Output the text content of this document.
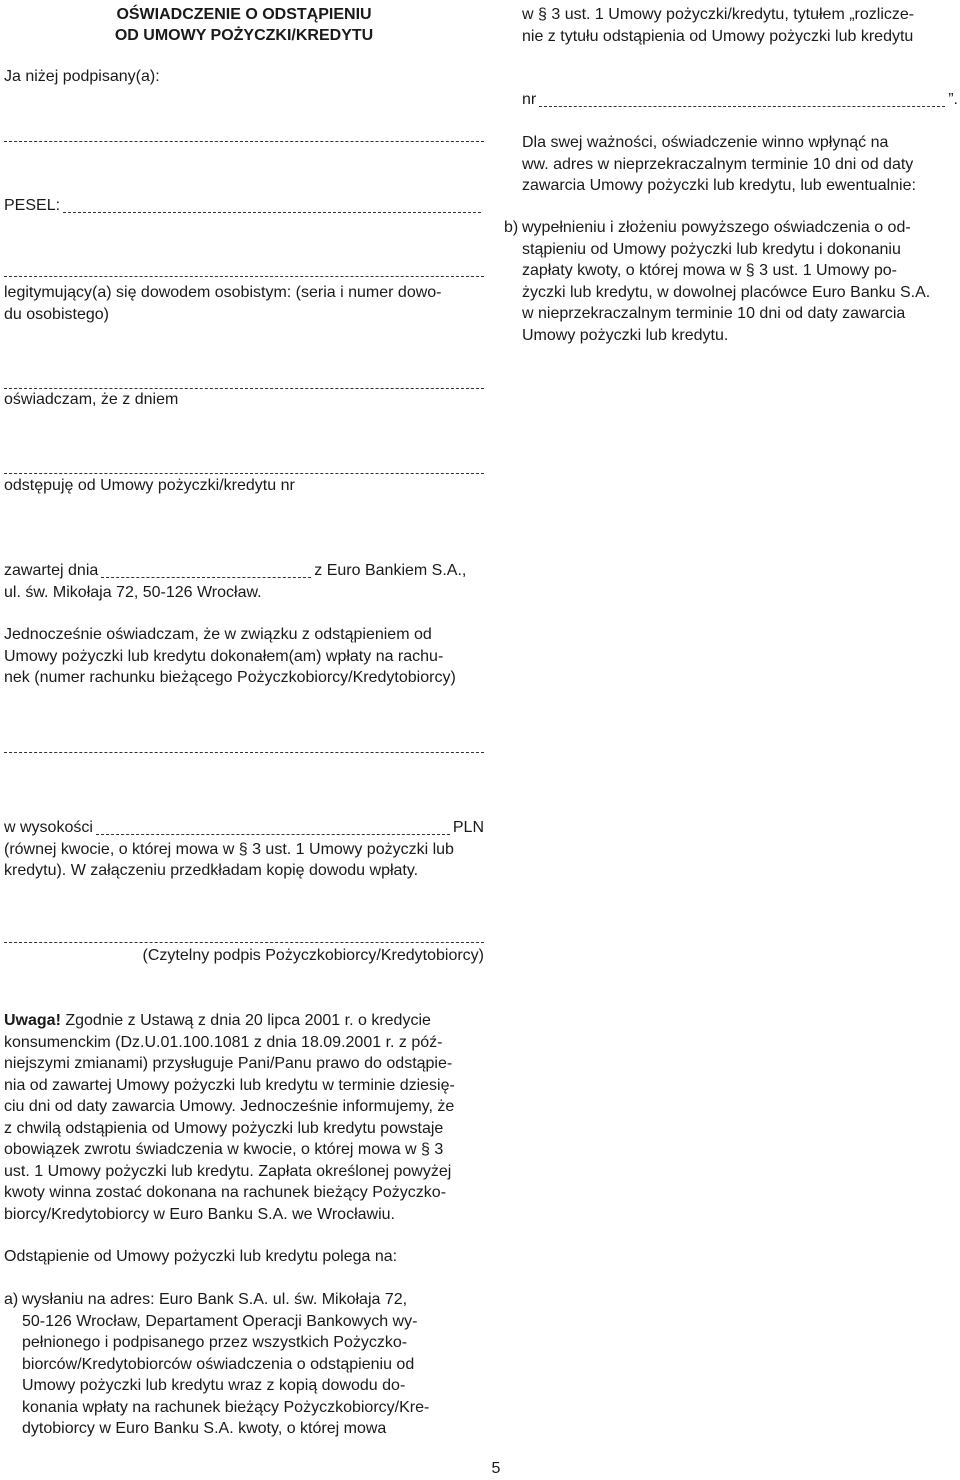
OŚWIADCZENIE O ODSTĄPIENIU
OD UMOWY POŻYCZKI/KREDYTU
Ja niżej podpisany(a):
PESEL:
legitymujący(a) się dowodem osobistym: (seria i numer dowo-
du osobistego)
oświadczam, że z dniem
odstępuję od Umowy pożyczki/kredytu nr
zawartej dnia	z Euro Bankiem S.A.,
ul. św. Mikołaja 72, 50-126 Wrocław.
Jednocześnie oświadczam, że w związku z odstąpieniem od
Umowy pożyczki lub kredytu dokonałem(am) wpłaty na rachu-
nek (numer rachunku bieżącego Pożyczkobiorcy/Kredytobiorcy)
w wysokości	PLN
(równej kwocie, o której mowa w § 3 ust. 1 Umowy pożyczki lub
kredytu). W załączeniu przedkładam kopię dowodu wpłaty.
(Czytelny podpis Pożyczkobiorcy/Kredytobiorcy)
Uwaga! Zgodnie z Ustawą z dnia 20 lipca 2001 r. o kredycie
konsumenckim (Dz.U.01.100.1081 z dnia 18.09.2001 r. z póź-
niejszymi zmianami) przysługuje Pani/Panu prawo do odstąpie-
nia od zawartej Umowy pożyczki lub kredytu w terminie dziesię-
ciu dni od daty zawarcia Umowy. Jednocześnie informujemy, że
z chwilą odstąpienia od Umowy pożyczki lub kredytu powstaje
obowiązek zwrotu świadczenia w kwocie, o której mowa w § 3
ust. 1 Umowy pożyczki lub kredytu. Zapłata określonej powyżej
kwoty winna zostać dokonana na rachunek bieżący Pożyczko-
biorcy/Kredytobiorcy w Euro Banku S.A. we Wrocławiu.
Odstąpienie od Umowy pożyczki lub kredytu polega na:
a) wysłaniu na adres: Euro Bank S.A. ul. św. Mikołaja 72,
50-126 Wrocław, Departament Operacji Bankowych wy-
pełnionego i podpisanego przez wszystkich Pożyczko-
biorców/Kredytobiorców oświadczenia o odstąpieniu od
Umowy pożyczki lub kredytu wraz z kopią dowodu do-
konania wpłaty na rachunek bieżący Pożyczkobiorcy/Kre-
dytobiorcy w Euro Banku S.A. kwoty, o której mowa
w § 3 ust. 1 Umowy pożyczki/kredytu, tytułem „rozlicze-
nie z tytułu odstąpienia od Umowy pożyczki lub kredytu
nr	”.
Dla swej ważności, oświadczenie winno wpłynąć na
ww. adres w nieprzekraczalnym terminie 10 dni od daty
zawarcia Umowy pożyczki lub kredytu, lub ewentualnie:
b) wypełnieniu i złożeniu powyższego oświadczenia o od-
stąpieniu od Umowy pożyczki lub kredytu i dokonaniu
zapłaty kwoty, o której mowa w § 3 ust. 1 Umowy po-
życzki lub kredytu, w dowolnej placówce Euro Banku S.A.
w nieprzekraczalnym terminie 10 dni od daty zawarcia
Umowy pożyczki lub kredytu.
5
